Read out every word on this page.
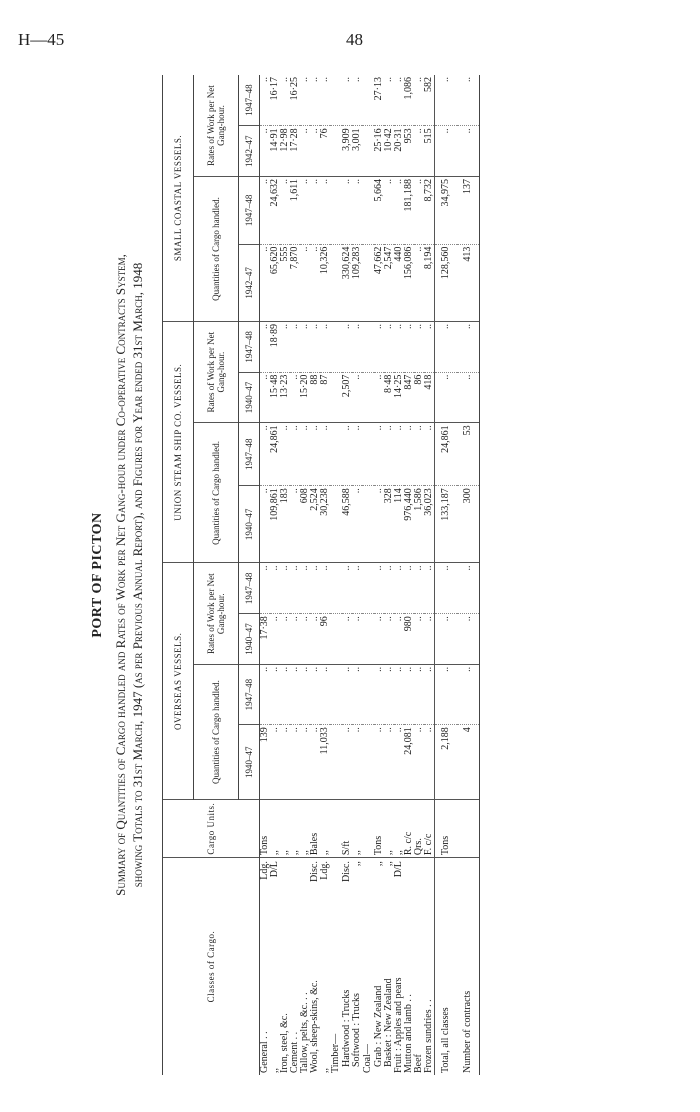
H—45	48
PORT OF PICTON Summary of Quantities of Cargo handled and Rates of Work per Net Gang-hour under Co-operative Contracts System, showing Totals to 31st March, 1947 (as per Previous Annual Report), and Figures for Year ended 31st March, 1948
Classes of Cargo.		Cargo Units.	OVERSEAS VESSELS.				UNION STEAM SHIP CO. VESSELS.				SMALL COASTAL VESSELS.			
			Quantities of Cargo handled.		Rates of Work per Net Gang-hour.		Quantities of Cargo handled.		Rates of Work per Net Gang-hour.		Quantities of Cargo handled.		Rates of Work per Net Gang-hour.	
			1940–47	1947–48	1940–47	1947–48	1940–47	1947–48	1940–47	1947–48	1942–47	1947–48	1942–47	1947–48
General . .	Ldg.	Tons	139	..	17·38	..	..	..	..	..	..	..	..	..
,,	D/L	,,	..	..	..	..	109,861	24,861	15·48	18·89	65,620	24,632	14·91	16·17
Iron, steel, &c.		,,	..	..	..	..	183	..	13·23	..	555	..	12·98	..
Cement . .		,,	..	..	..	..	..	..	..	..	7,870	1,611	17·28	16·25
Tallow, pelts, &c. . .		,,	..	..	..	..	608	..	15·20	..	..	..	..	..
Wool, sheep-skins, &c.	Disc.	Bales	..	..	..	..	2,524	..	88	..	..	..	..	..
,,	Ldg.	,,	11,033	..	96	..	30,238	..	87	..	10,326	..	76	..
Timber—														
Hardwood : Trucks	Disc.	S/ft	..	..	..	..	46,588	..	2,507	..	330,624	..	3,909	..
Softwood : Trucks	,,	,,	..	..	..	..	..	..	..	..	109,283	..	3,001	..
Coal—														
Grab : New Zealand	,,	Tons	..	..	..	..	..	..	..	..	47,662	5,664	25·16	27·13
Basket : New Zealand	,,	,,	..	..	..	..	328	..	8·48	..	2,547	..	10·42	..
Fruit : Apples and pears	D/L	,,	..	..	..	..	114	..	14·25	..	440	..	20·31	..
Mutton and lamb . .		R. c/c	24,081	..	980	..	976,440	..	847	..	156,086	181,188	953	1,086
Beef		Qrs.	..	..	..	..	1,586	..	86	..	..	..	..	..
Frozen sundries . .		F. c/c	..	..	..	..	36,023	..	418	..	8,194	8,732	515	582
Total, all classes		Tons	2,188	..	..	..	133,187	24,861	..	..	128,560	34,975	..	..
Number of contracts			4	..	..	..	300	53	..	..	413	137	..	..
